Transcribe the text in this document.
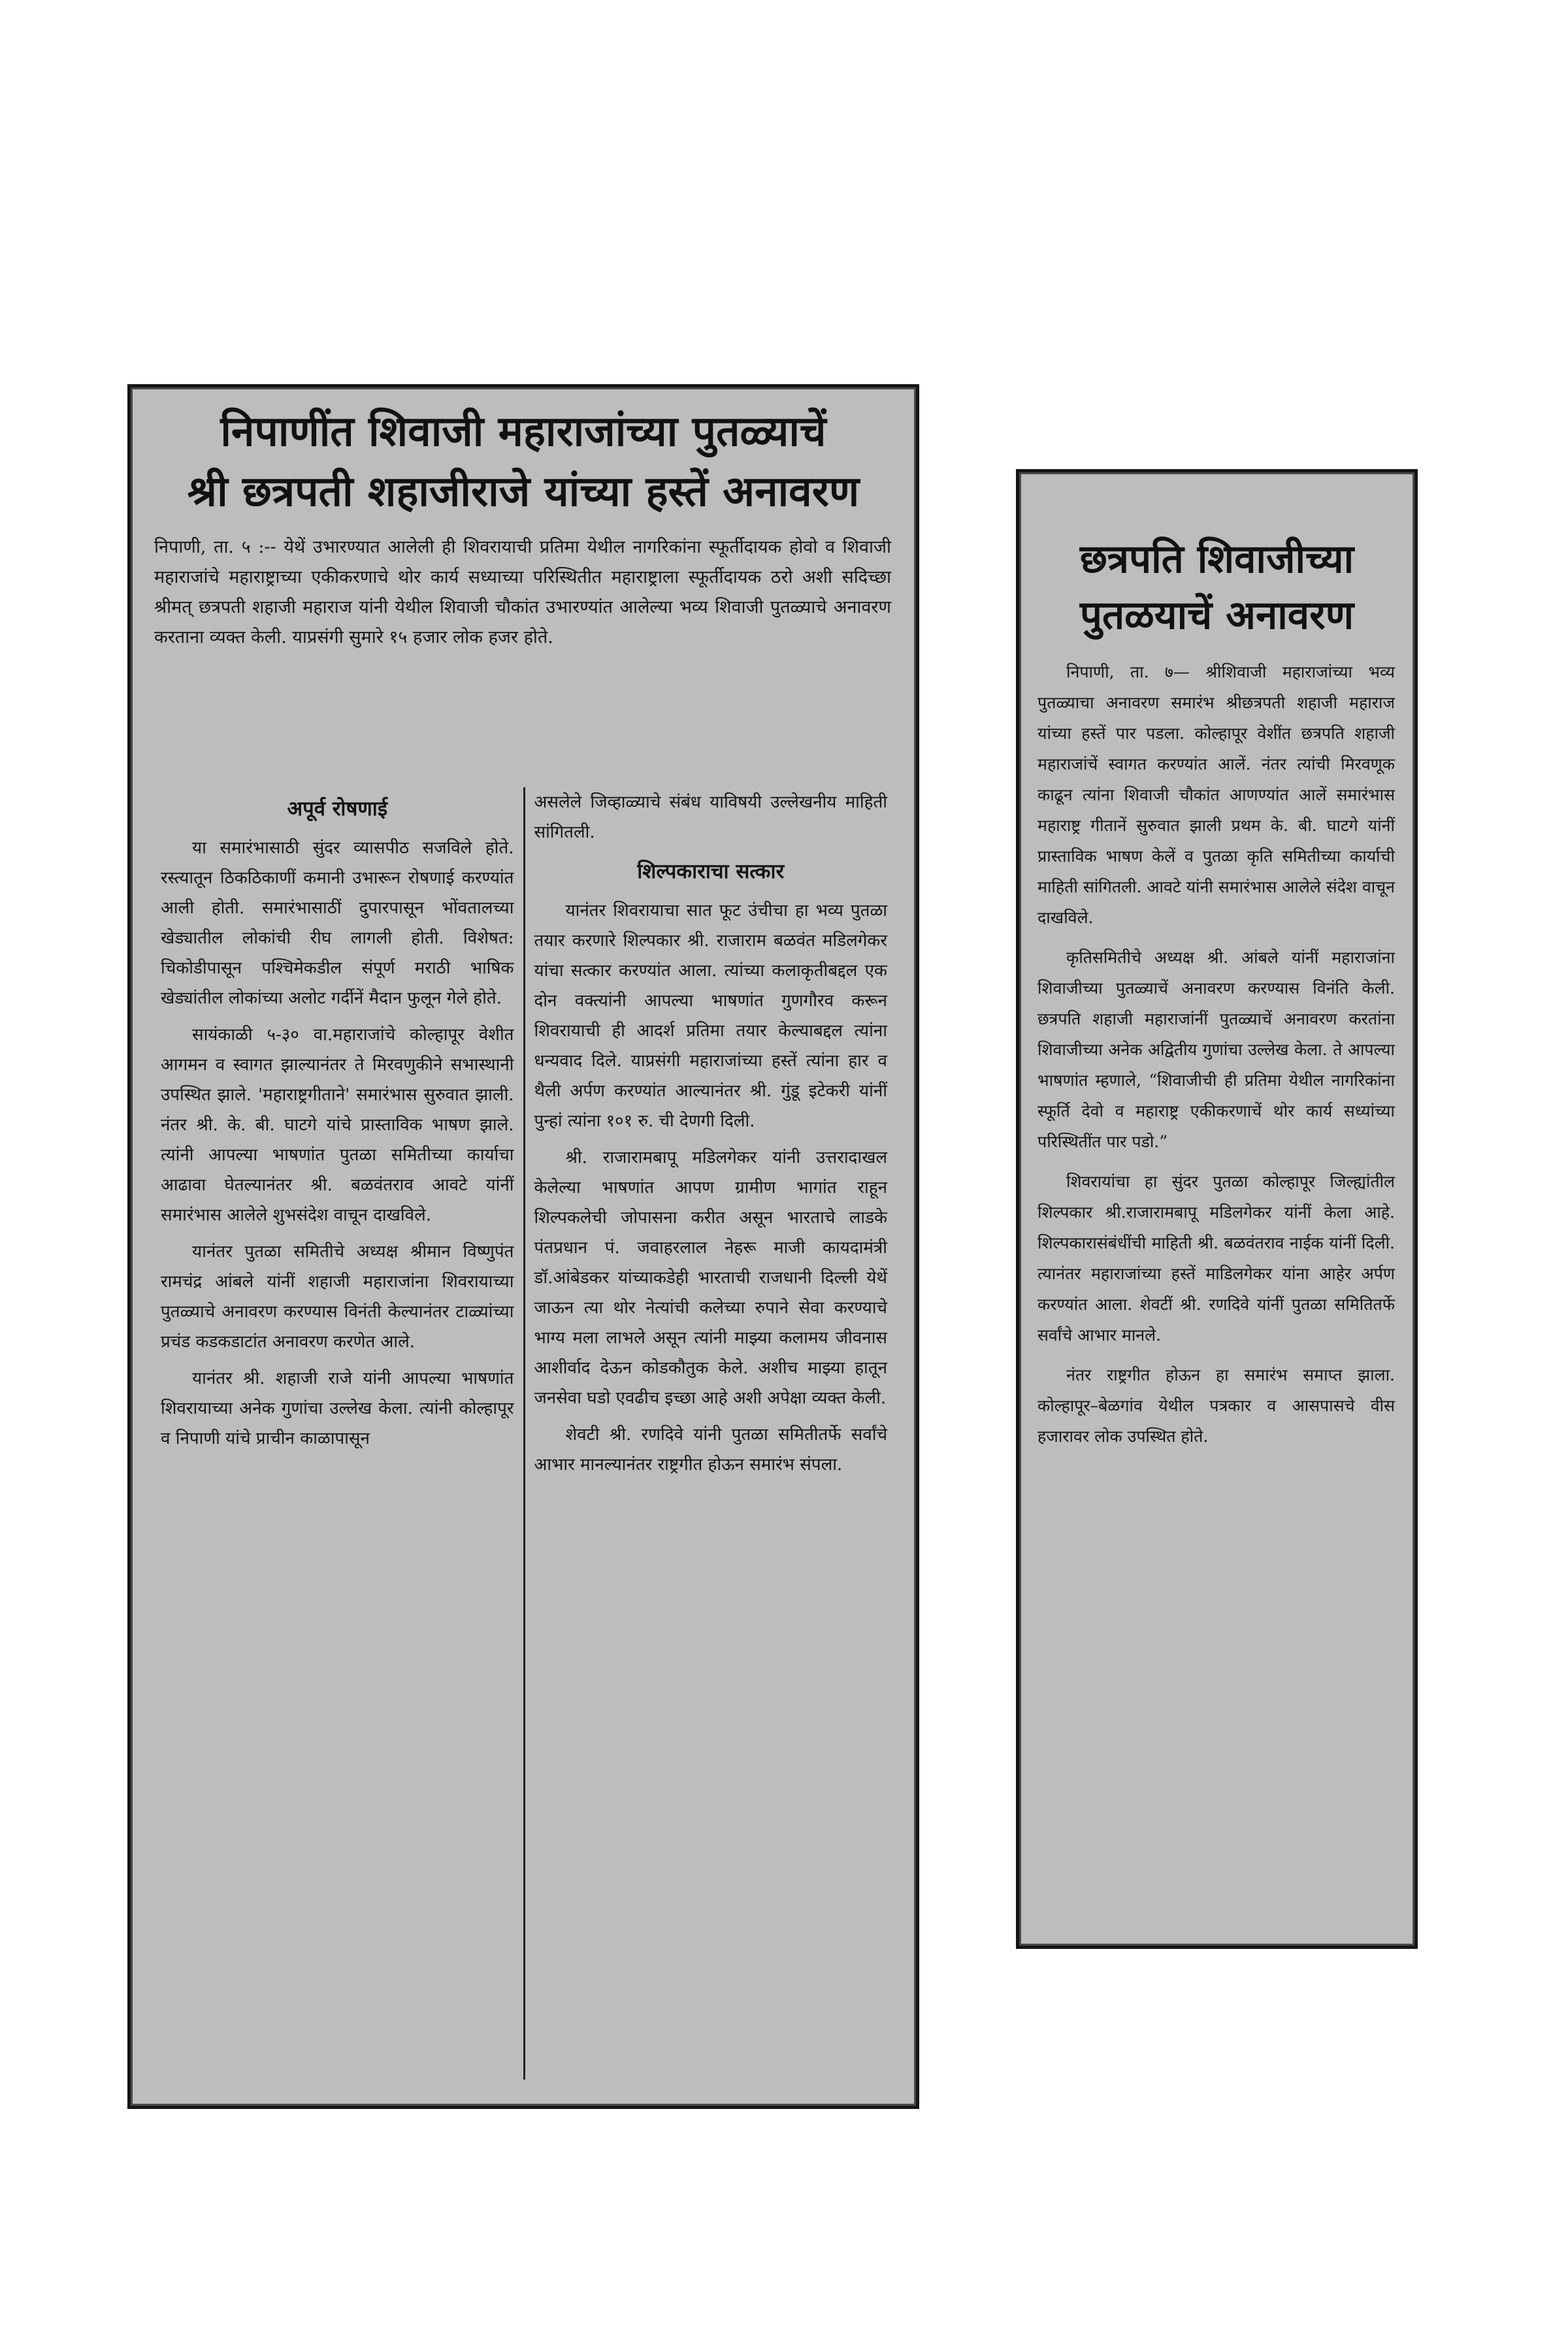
निपाणींत शिवाजी महाराजांच्या पुतळ्याचें
श्री छत्रपती शहाजीराजे यांच्या हस्तें अनावरण
निपाणी, ता. ५ :-- येथें उभारण्यात आलेली ही शिवरायाची प्रतिमा येथील नागरिकांना स्फूर्तीदायक होवो व शिवाजी महाराजांचे महाराष्ट्राच्या एकीकरणाचे थोर कार्य सध्याच्या परिस्थितीत महाराष्ट्राला स्फूर्तीदायक ठरो अशी सदिच्छा श्रीमत् छत्रपती शहाजी महाराज यांनी येथील शिवाजी चौकांत उभारण्यांत आलेल्या भव्य शिवाजी पुतळ्याचे अनावरण करताना व्यक्त केली. याप्रसंगी सुमारे १५ हजार लोक हजर होते.
अपूर्व रोषणाई

या समारंभासाठी सुंदर व्यासपीठ सजविले होते. रस्त्यातून ठिकठिकाणीं कमानी उभारून रोषणाई करण्यांत आली होती. समारंभासाठीं दुपारपासून भोंवतालच्या खेड्यातील लोकांची रीघ लागली होती. विशेषत: चिकोडीपासून पश्चिमेकडील संपूर्ण मराठी भाषिक खेड्यांतील लोकांच्या अलोट गर्दीनें मैदान फुलून गेले होते.

सायंकाळी ५-३० वा.महाराजांचे कोल्हापूर वेशीत आगमन व स्वागत झाल्यानंतर ते मिरवणुकीने सभास्थानी उपस्थित झाले. 'महाराष्ट्रगीताने' समारंभास सुरुवात झाली. नंतर श्री. के. बी. घाटगे यांचे प्रास्ताविक भाषण झाले. त्यांनी आपल्या भाषणांत पुतळा समितीच्या कार्याचा आढावा घेतल्यानंतर श्री. बळवंतराव आवटे यांनीं समारंभास आलेले शुभसंदेश वाचून दाखविले.

यानंतर पुतळा समितीचे अध्यक्ष श्रीमान विष्णुपंत रामचंद्र आंबले यांनीं शहाजी महाराजांना शिवरायाच्या पुतळ्याचे अनावरण करण्यास विनंती केल्यानंतर टाळ्यांच्या प्रचंड कडकडाटांत अनावरण करणेत आले.

यानंतर श्री. शहाजी राजे यांनी आपल्या भाषणांत शिवरायाच्या अनेक गुणांचा उल्लेख केला. त्यांनी कोल्हापूर व निपाणी यांचे प्राचीन काळापासून

असलेले जिव्हाळ्याचे संबंध याविषयी उल्लेखनीय माहिती सांगितली.

शिल्पकाराचा सत्कार

यानंतर शिवरायाचा सात फूट उंचीचा हा भव्य पुतळा तयार करणारे शिल्पकार श्री. राजाराम बळवंत मडिलगेकर यांचा सत्कार करण्यांत आला. त्यांच्या कलाकृतीबद्दल एक दोन वक्त्यांनी आपल्या भाषणांत गुणगौरव करून शिवरायाची ही आदर्श प्रतिमा तयार केल्याबद्दल त्यांना धन्यवाद दिले. याप्रसंगी महाराजांच्या हस्तें त्यांना हार व थैली अर्पण करण्यांत आल्यानंतर श्री. गुंडू इटेकरी यांनीं पुन्हां त्यांना १०१ रु. ची देणगी दिली.

श्री. राजारामबापू मडिलगेकर यांनी उत्तरादाखल केलेल्या भाषणांत आपण ग्रामीण भागांत राहून शिल्पकलेची जोपासना करीत असून भारताचे लाडके पंतप्रधान पं. जवाहरलाल नेहरू माजी कायदामंत्री डॉ.आंबेडकर यांच्याकडेही भारताची राजधानी दिल्ली येथें जाऊन त्या थोर नेत्यांची कलेच्या रुपाने सेवा करण्याचे भाग्य मला लाभले असून त्यांनी माझ्या कलामय जीवनास आशीर्वाद देऊन कोडकौतुक केले. अशीच माझ्या हातून जनसेवा घडो एवढीच इच्छा आहे अशी अपेक्षा व्यक्त केली.

शेवटी श्री. रणदिवे यांनी पुतळा समितीतर्फे सर्वांचे आभार मानल्यानंतर राष्ट्रगीत होऊन समारंभ संपला.

छत्रपति शिवाजीच्या
पुतळयाचें अनावरण

निपाणी, ता. ७— श्रीशिवाजी महाराजांच्या भव्य पुतळ्याचा अनावरण समारंभ श्रीछत्रपती शहाजी महाराज यांच्या हस्तें पार पडला. कोल्हापूर वेशींत छत्रपति शहाजी महाराजांचें स्वागत करण्यांत आलें. नंतर त्यांची मिरवणूक काढून त्यांना शिवाजी चौकांत आणण्यांत आलें समारंभास महाराष्ट्र गीतानें सुरुवात झाली प्रथम के. बी. घाटगे यांनीं प्रास्ताविक भाषण केलें व पुतळा कृति समितीच्या कार्याची माहिती सांगितली. आवटे यांनी समारंभास आलेले संदेश वाचून दाखविले.

कृतिसमितीचे अध्यक्ष श्री. आंबले यांनीं महाराजांना शिवाजीच्या पुतळ्याचें अनावरण करण्यास विनंति केली. छत्रपति शहाजी महाराजांनीं पुतळ्याचें अनावरण करतांना शिवाजीच्या अनेक अद्वितीय गुणांचा उल्लेख केला. ते आपल्या भाषणांत म्हणाले, “शिवाजीची ही प्रतिमा येथील नागरिकांना स्फूर्ति देवो व महाराष्ट्र एकीकरणाचें थोर कार्य सध्यांच्या परिस्थितींत पार पडो.”

शिवरायांचा हा सुंदर पुतळा कोल्हापूर जिल्ह्यांतील शिल्पकार श्री.राजारामबापू मडिलगेकर यांनीं केला आहे. शिल्पकारासंबंधींची माहिती श्री. बळवंतराव नाईक यांनीं दिली. त्यानंतर महाराजांच्या हस्तें माडिलगेकर यांना आहेर अर्पण करण्यांत आला. शेवटीं श्री. रणदिवे यांनीं पुतळा समितितर्फे सर्वांचे आभार मानले.

नंतर राष्ट्रगीत होऊन हा समारंभ समाप्त झाला. कोल्हापूर–बेळगांव येथील पत्रकार व आसपासचे वीस हजारावर लोक उपस्थित होते.
